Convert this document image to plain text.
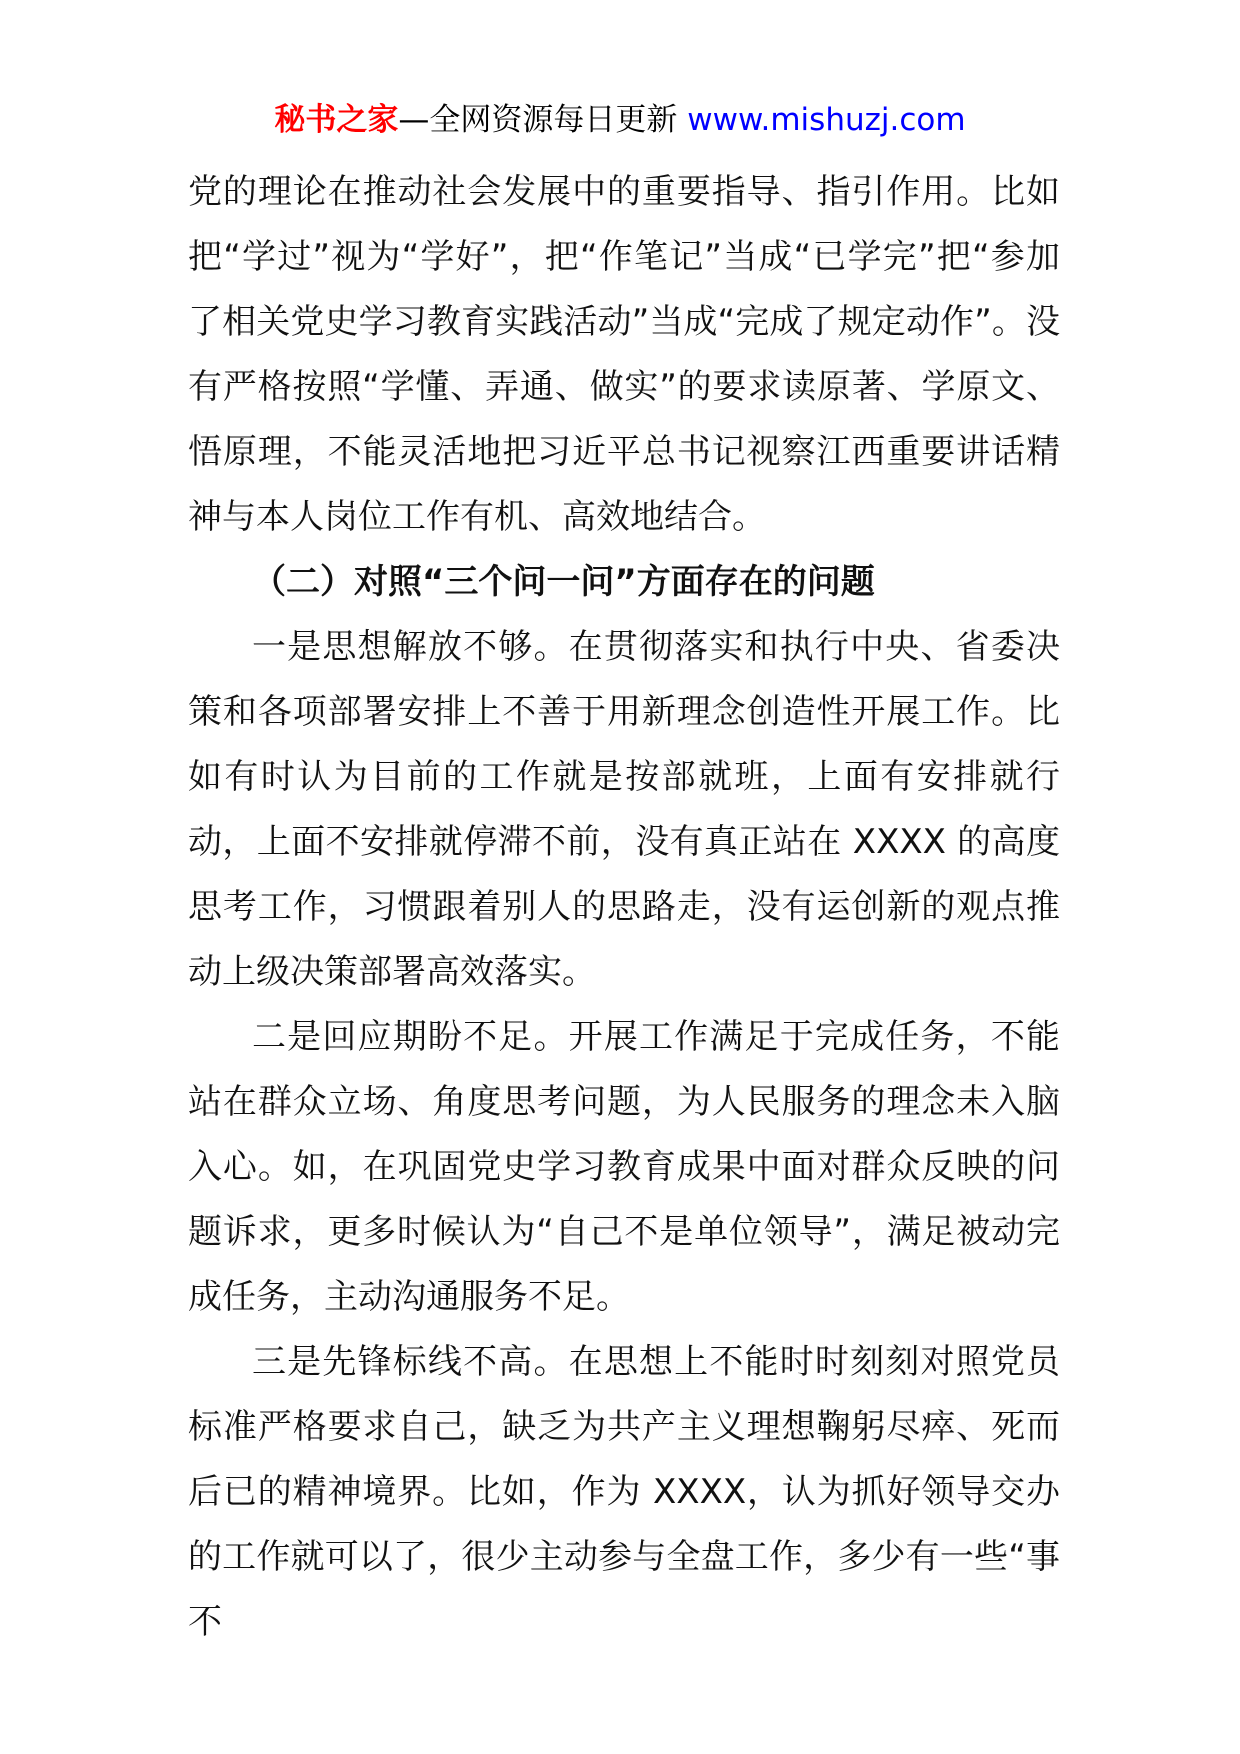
秘书之家—全网资源每日更新 www.mishuzj.com

党的理论在推动社会发展中的重要指导、指引作用。比如把“学过”视为“学好”，把“作笔记”当成“已学完”把“参加了相关党史学习教育实践活动”当成“完成了规定动作”。没有严格按照“学懂、弄通、做实”的要求读原著、学原文、悟原理，不能灵活地把习近平总书记视察江西重要讲话精神与本人岗位工作有机、高效地结合。

（二）对照“三个问一问”方面存在的问题

一是思想解放不够。在贯彻落实和执行中央、省委决策和各项部署安排上不善于用新理念创造性开展工作。比如有时认为目前的工作就是按部就班，上面有安排就行动，上面不安排就停滞不前，没有真正站在 XXXX 的高度思考工作，习惯跟着别人的思路走，没有运创新的观点推动上级决策部署高效落实。

二是回应期盼不足。开展工作满足于完成任务，不能站在群众立场、角度思考问题，为人民服务的理念未入脑入心。如，在巩固党史学习教育成果中面对群众反映的问题诉求，更多时候认为“自己不是单位领导”，满足被动完成任务，主动沟通服务不足。

三是先锋标线不高。在思想上不能时时刻刻对照党员标准严格要求自己，缺乏为共产主义理想鞠躬尽瘁、死而后已的精神境界。比如，作为 XXXX，认为抓好领导交办的工作就可以了，很少主动参与全盘工作，多少有一些“事不
